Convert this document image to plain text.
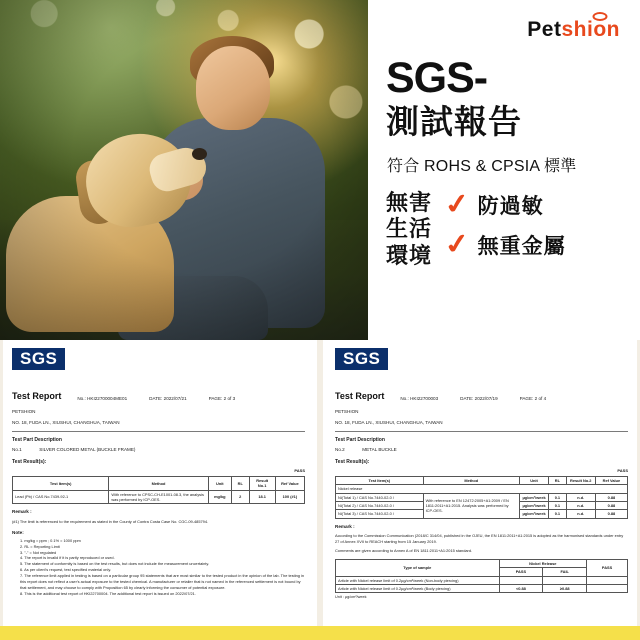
Petshion
SGS-
測試報告
符合 ROHS & CPSIA 標準
無害
生活
環境
✓ 防過敏
✓ 無重金屬
SGS
Test Report	No.: HKI22700004ME01	DATE: 2022/07/21	PAGE: 2 of 3
PETSHION
NO. 18, FUDA LN., XIUSHUI, CHANGHUA, TAIWAN
Test Part Description
No.1	SILVER COLORED METAL (BUCKLE FRAME)
Test Result(s):
PASS
Test Item(s)	Method	Unit	RL	Result No.1	Ref Value
Lead (Pb) / CAS No.7439-92-1	With reference to CPSC-CH-E1001-08.3, the analysis was performed by ICP-OES.	mg/kg	2	18.1	100 (#1)
Remark :
(#1) The limit is referenced to the requirement as stated in the County of Contra Costa Case No. CGC-09-485794.
Note:
1. mg/kg = ppm ; 0.1% = 1000 ppm
2. RL = Reporting Limit
3. "-" = Not regulated
4. The report is invalid if it is partly reproduced or used.
5. The statement of conformity is based on the test results, but does not include the measurement uncertainty.
6. As per client's request, test specified material only.
7. The reference limit applied in testing is based on a particular group 95 statements that are most similar to the tested product in the opinion of the lab. The testing in this report does not reflect a user's actual exposure to the tested chemical. A manufacturer or retailer that is not named in the referenced settlement is not bound by that settlement, and may choose to comply with Proposition 65 by clearly informing the consumer of potential exposure.
8. This is the additional test report of HKI22700004. The additional test report is issued on 2022/07/21.
SGS
Test Report	No.: HKI22700003	DATE: 2022/07/19	PAGE: 2 of 4
PETSHION
NO. 18, FUDA LN., XIUSHUI, CHANGHUA, TAIWAN
Test Part Description
No.2	METAL BUCKLE
Test Result(s):
PASS
Test Item(s)	Method	Unit	RL	Result No.2	Ref Value
Nickel release					
Ni(Total 1) / CAS No.7440-02-0 /	With reference to EN 12472:2005+A1:2009 / EN 1811:2011+A1:2015. Analysis was performed by ICP-OES.	µg/cm²/week	0.1	n.d.	0.88
Ni(Total 2) / CAS No.7440-02-0 /		µg/cm²/week	0.1	n.d.	0.88
Ni(Total 3) / CAS No.7440-02-0 /		µg/cm²/week	0.1	n.d.	0.88
Remark :
According to the Commission Communication (2018/C 314/04, published in the OJEU, the EN 1811:2011+A1:2015 is adopted as the harmonised standards under entry 27 of Annex XVII to REACH starting from 15 January 2019.
Comments are given according to Annex A of EN 1811:2011+A1:2015 standard.
Type of sample	Nickel Release		PASS
	PASS	FAIL	
Article with Nickel release limit of 0.2µg/cm²/week (Non-body piercing)			
Article with Nickel release limit of 0.2µg/cm²/week (Body piercing)	<0.88	≥0.88	
Unit : µg/cm²/week
